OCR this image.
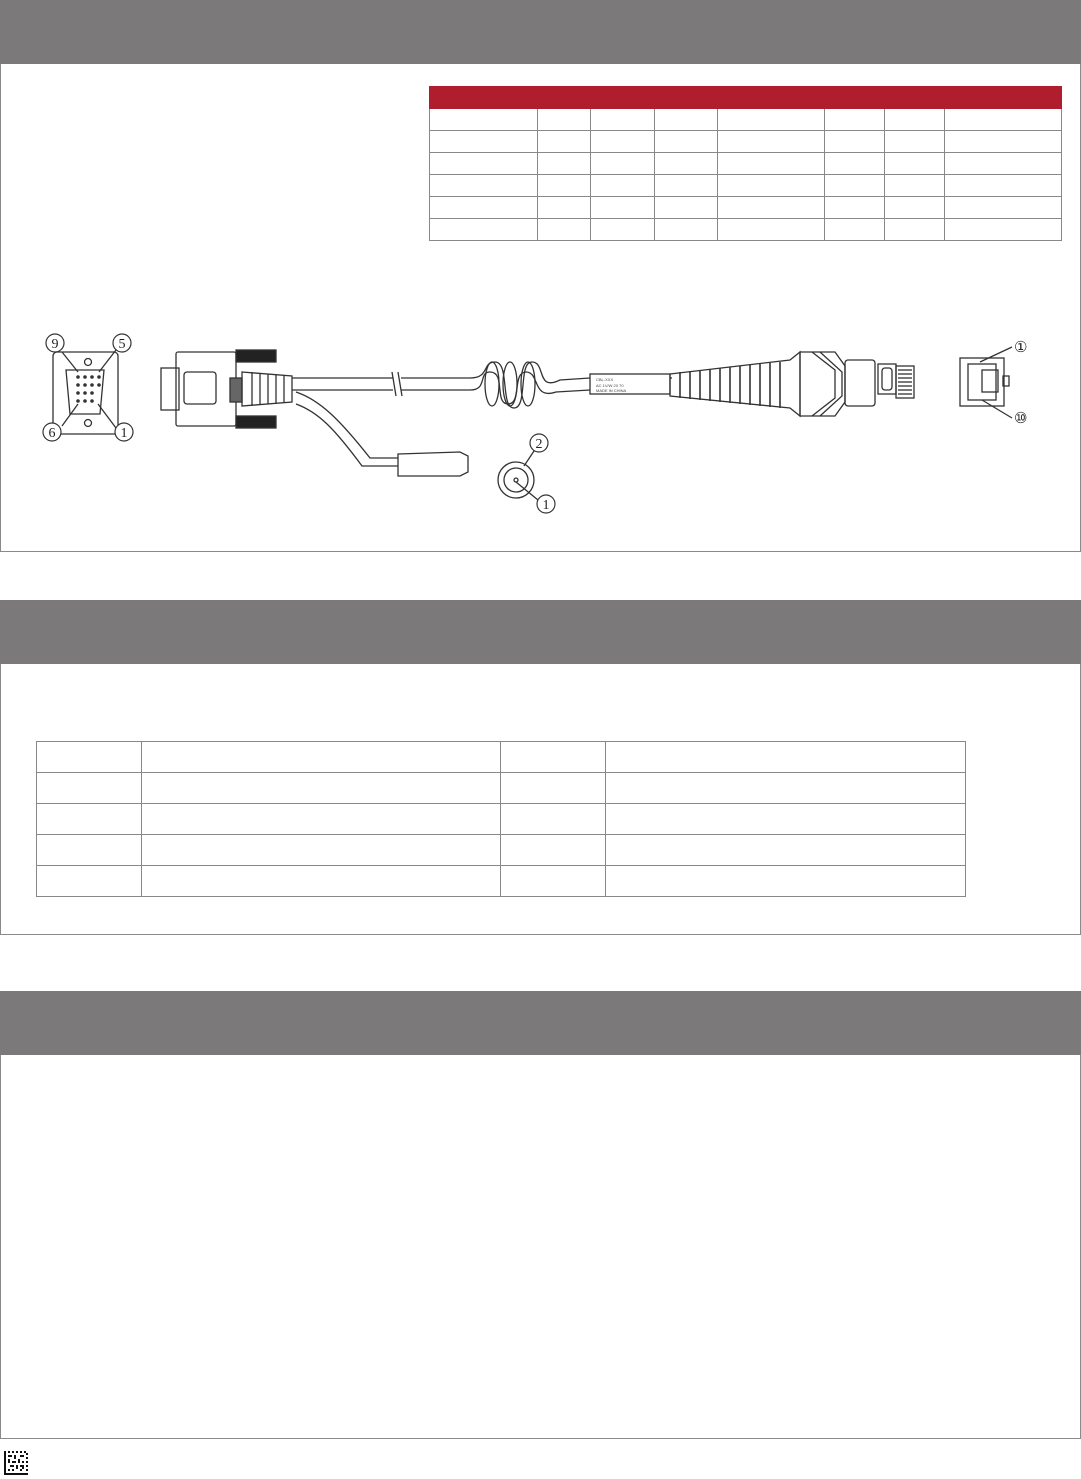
9	5
6	1
2
1
①
⑩
CBL-XXX
AC 1V/W 20 70
MADE IN CHINA
